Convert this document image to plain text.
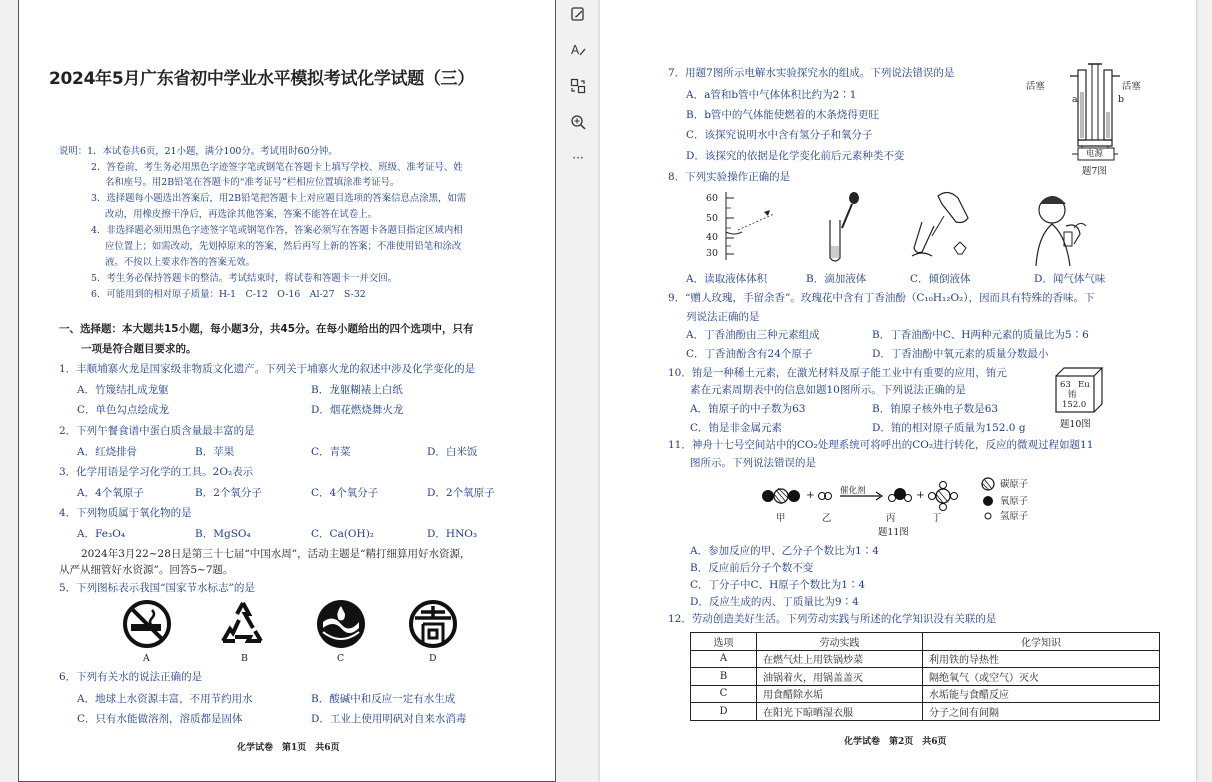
A
···
2024年5月广东省初中学业水平模拟考试化学试题（三）
说明：1．本试卷共6页，21小题，满分100分。考试用时60分钟。
2．答卷前，考生务必用黑色字迹签字笔或钢笔在答题卡上填写学校、班级、准考证号、姓
名和座号。用2B铅笔在答题卡的“准考证号”栏相应位置填涂准考证号。
3．选择题每小题选出答案后，用2B铅笔把答题卡上对应题目选项的答案信息点涂黑，如需
改动，用橡皮擦干净后，再选涂其他答案，答案不能答在试卷上。
4．非选择题必须用黑色字迹签字笔或钢笔作答，答案必须写在答题卡各题目指定区域内相
应位置上；如需改动，先划掉原来的答案，然后再写上新的答案；不准使用铅笔和涂改
液。不按以上要求作答的答案无效。
5．考生务必保持答题卡的整洁。考试结束时，将试卷和答题卡一并交回。
6．可能用到的相对原子质量：H-1　C-12　O-16　Al-27　S-32
一、选择题：本大题共15小题，每小题3分，共45分。在每小题给出的四个选项中，只有
一项是符合题目要求的。
1．丰顺埔寨火龙是国家级非物质文化遗产。下列关于埔寨火龙的叙述中涉及化学变化的是
A．竹篾结扎成龙躯	B．龙躯糊裱上白纸
C．单色勾点绘成龙	D．烟花燃烧舞火龙
2．下列午餐食谱中蛋白质含量最丰富的是
A．红烧排骨	B．苹果	C．青菜	D．白米饭
3．化学用语是学习化学的工具。2O₂表示
A．4个氧原子	B．2个氧分子	C．4个氧分子	D．2个氧原子
4．下列物质属于氧化物的是
A．Fe₃O₄	B．MgSO₄	C．Ca(OH)₂	D．HNO₃
2024年3月22~28日是第三十七届“中国水周”，活动主题是“精打细算用好水资源，
从严从细管好水资源”。回答5~7题。
5．下列图标表示我国“国家节水标志”的是
A	B	C	D
6．下列有关水的说法正确的是
A．地球上水资源丰富，不用节约用水	B．酸碱中和反应一定有水生成
C．只有水能做溶剂，溶质都是固体	D．工业上使用明矾对自来水消毒
化学试卷　第1页　共6页
7．用题7图所示电解水实验探究水的组成。下列说法错误的是
A．a管和b管中气体体积比约为2∶1
B．b管中的气体能使燃着的木条烧得更旺
C．该探究说明水中含有氢分子和氧分子
D．该探究的依据是化学变化前后元素种类不变
活塞	活塞
a	b
电源
题7图
8．下列实验操作正确的是
60
50
40
30
A．读取液体体积	B．滴加液体	C．倾倒液体	D．闻气体气味
9．“赠人玫瑰，手留余香”。玫瑰花中含有丁香油酚（C₁₀H₁₂O₂），因而具有特殊的香味。下
列说法正确的是
A．丁香油酚由三种元素组成	B．丁香油酚中C、H两种元素的质量比为5∶6
C．丁香油酚含有24个原子	D．丁香油酚中氧元素的质量分数最小
10．铕是一种稀土元素，在激光材料及原子能工业中有重要的应用，铕元
素在元素周期表中的信息如题10图所示。下列说法正确的是
A．铕原子的中子数为63	B．铕原子核外电子数是63
C．铕是非金属元素	D．铕的相对原子质量为152.0 g
63 Eu
铕
152.0
题10图
11．神舟十七号空间站中的CO₂处理系统可将呼出的CO₂进行转化，反应的微观过程如题11
图所示。下列说法错误的是
+	+
催化剂
甲	乙	丙	丁
题11图
碳原子
氧原子
氢原子
A．参加反应的甲、乙分子个数比为1∶4
B．反应前后分子个数不变
C．丁分子中C、H原子个数比为1∶4
D．反应生成的丙、丁质量比为9∶4
12．劳动创造美好生活。下列劳动实践与所述的化学知识没有关联的是
选项	劳动实践	化学知识
A	在燃气灶上用铁锅炒菜	利用铁的导热性
B	油锅着火，用锅盖盖灭	隔绝氧气（或空气）灭火
C	用食醋除水垢	水垢能与食醋反应
D	在阳光下晾晒湿衣服	分子之间有间隔
化学试卷　第2页　共6页
